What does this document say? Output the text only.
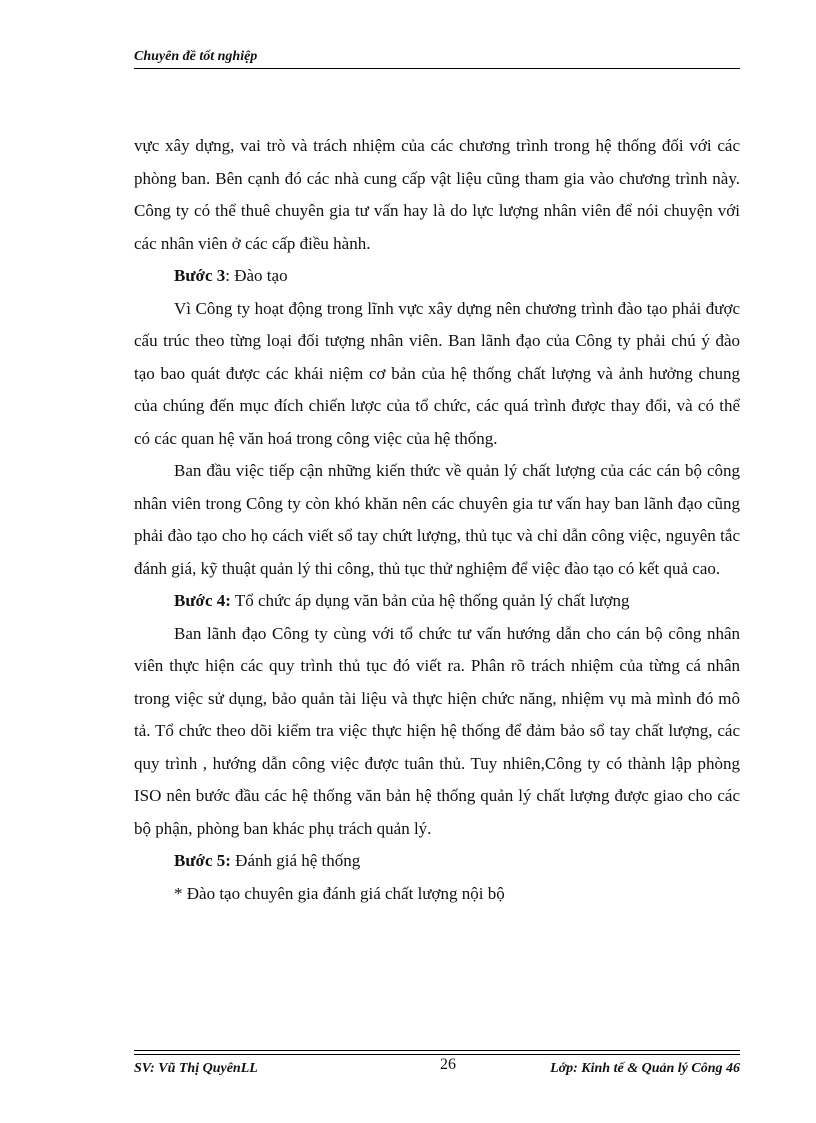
Chuyên đề tốt nghiệp

vực xây dựng, vai trò và trách nhiệm của các chương trình trong hệ thống đối với các phòng ban. Bên cạnh đó các nhà cung cấp vật liệu cũng tham gia vào chương trình này. Công ty có thể thuê chuyên gia tư vấn hay là do lực lượng nhân viên để nói chuyện với các nhân viên ở các cấp điều hành.

Bước 3: Đào tạo

Vì Công ty hoạt động trong lĩnh vực xây dựng nên chương trình đào tạo phải được cấu trúc theo từng loại đối tượng nhân viên. Ban lãnh đạo của Công ty phải chú ý đào tạo bao quát được các khái niệm cơ bản của hệ thống chất lượng và ảnh hưởng chung của chúng đến mục đích chiến lược của tổ chức, các quá trình được thay đổi, và có thể có các quan hệ văn hoá trong công việc của hệ thống.

Ban đầu việc tiếp cận những kiến thức về quản lý chất lượng của các cán bộ công nhân viên trong Công ty còn khó khăn nên các chuyên gia tư vấn hay ban lãnh đạo cũng phải đào tạo cho họ cách viết sổ tay chứt lượng, thủ tục và chỉ dẫn công việc, nguyên tắc đánh giá, kỹ thuật quản lý thi công, thủ tục thử nghiệm để việc đào tạo có kết quả cao.

Bước 4: Tổ chức áp dụng văn bản của hệ thống quản lý chất lượng

Ban lãnh đạo Công ty cùng với tổ chức tư vấn hướng dẫn cho cán bộ công nhân viên thực hiện các quy trình thủ tục đó viết ra. Phân rõ trách nhiệm của từng cá nhân trong việc sử dụng, bảo quản tài liệu và thực hiện chức năng, nhiệm vụ mà mình đó mô tả. Tổ chức theo dõi kiểm tra việc thực hiện hệ thống để đảm bảo sổ tay chất lượng, các quy trình , hướng dẫn công việc được tuân thủ. Tuy nhiên,Công ty có thành lập phòng ISO nên bước đầu các hệ thống văn bản hệ thống quản lý chất lượng được giao cho các bộ phận, phòng ban khác phụ trách quản lý.

Bước 5: Đánh giá hệ thống

* Đào tạo chuyên gia đánh giá chất lượng nội bộ

SV: Vũ Thị QuyênLL	26	Lớp: Kinh tế & Quản lý Công 46
